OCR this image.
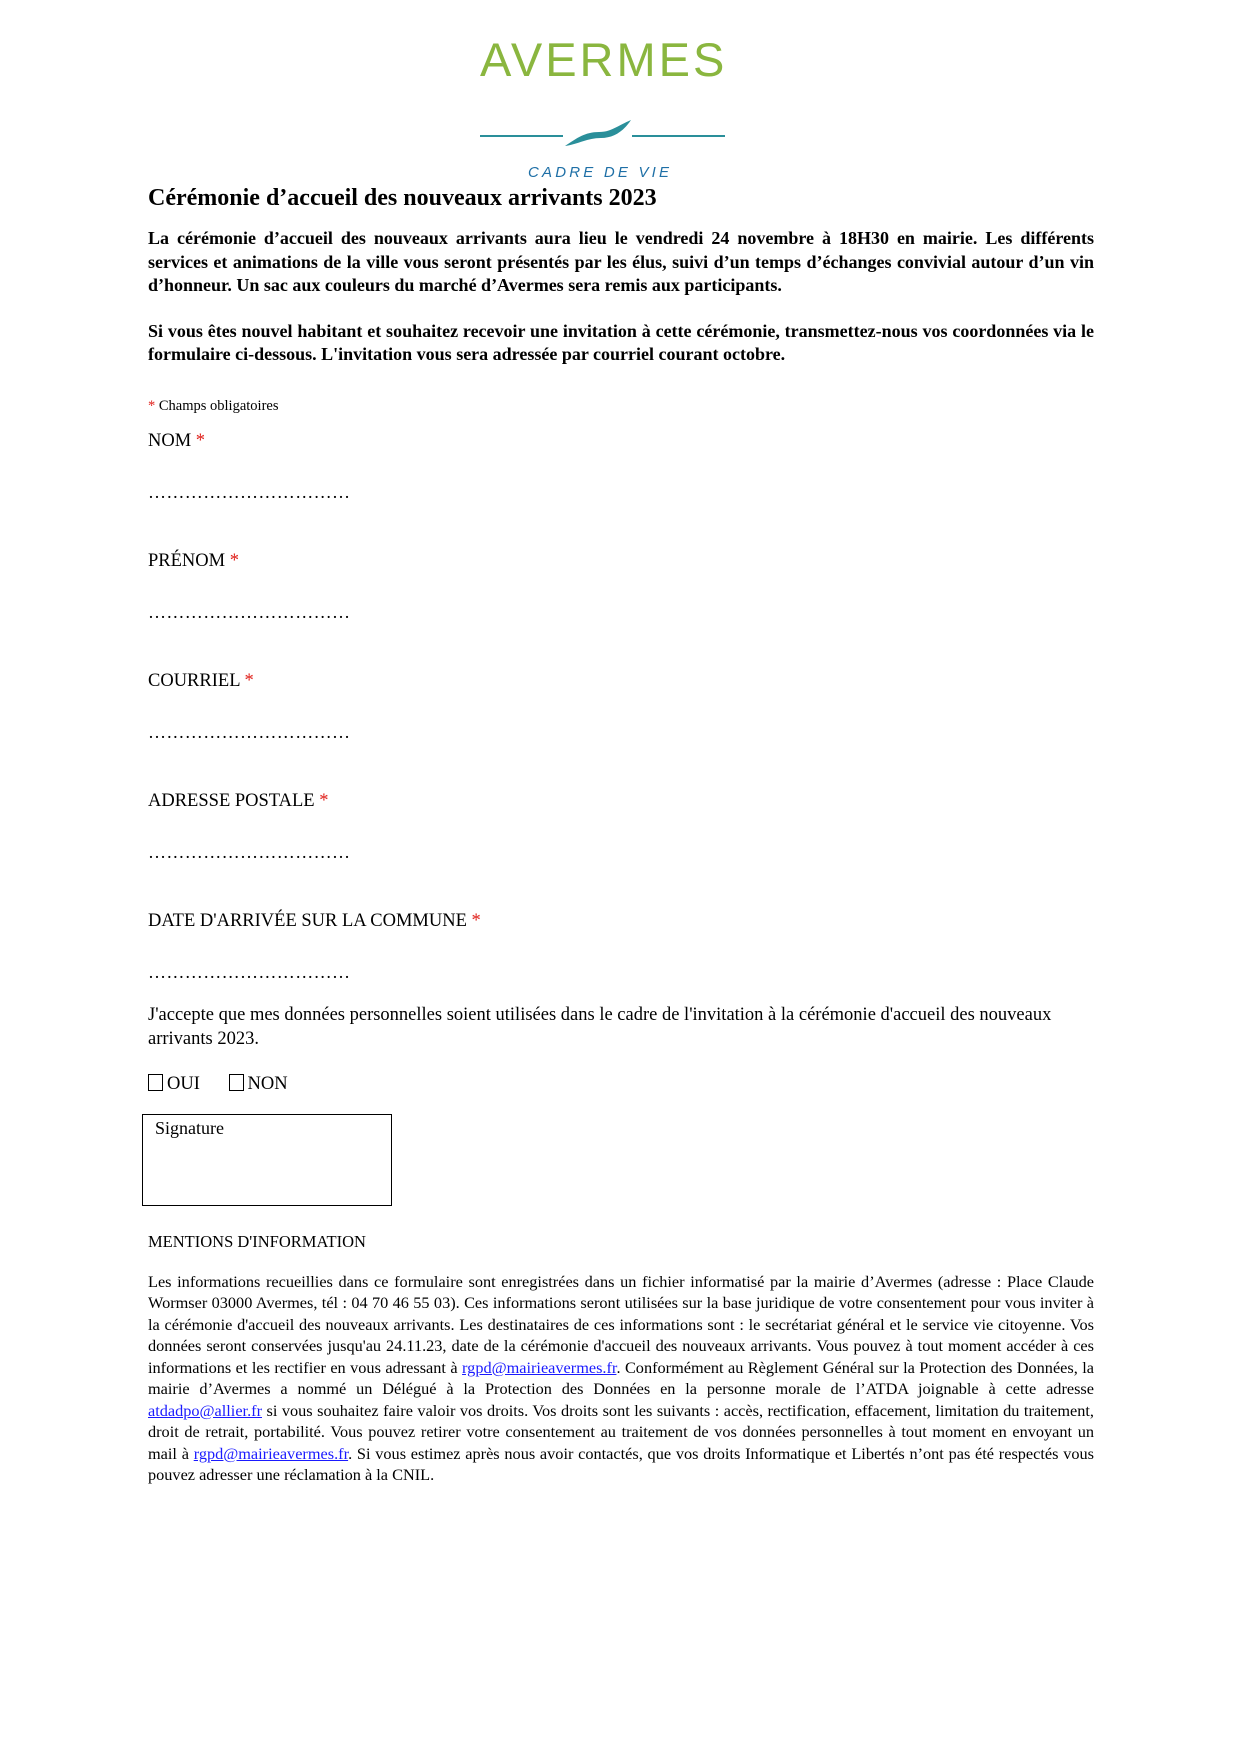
AVERMES
CADRE DE VIE
Cérémonie d’accueil des nouveaux arrivants 2023

La cérémonie d’accueil des nouveaux arrivants aura lieu le vendredi 24 novembre à 18H30 en mairie. Les différents services et animations de la ville vous seront présentés par les élus, suivi d’un temps d’échanges convivial autour d’un vin d’honneur. Un sac aux couleurs du marché d’Avermes sera remis aux participants.

Si vous êtes nouvel habitant et souhaitez recevoir une invitation à cette cérémonie, transmettez-nous vos coordonnées via le formulaire ci-dessous. L'invitation vous sera adressée par courriel courant octobre.

* Champs obligatoires
NOM *
……………………………
PRÉNOM *
……………………………
COURRIEL *
……………………………
ADRESSE POSTALE *
……………………………
DATE D'ARRIVÉE SUR LA COMMUNE *
……………………………
J'accepte que mes données personnelles soient utilisées dans le cadre de l'invitation à la cérémonie d'accueil des nouveaux arrivants 2023.
OUI	NON
Signature
MENTIONS D'INFORMATION
Les informations recueillies dans ce formulaire sont enregistrées dans un fichier informatisé par la mairie d’Avermes (adresse : Place Claude Wormser 03000 Avermes, tél : 04 70 46 55 03). Ces informations seront utilisées sur la base juridique de votre consentement pour vous inviter à la cérémonie d'accueil des nouveaux arrivants. Les destinataires de ces informations sont : le secrétariat général et le service vie citoyenne. Vos données seront conservées jusqu'au 24.11.23, date de la cérémonie d'accueil des nouveaux arrivants. Vous pouvez à tout moment accéder à ces informations et les rectifier en vous adressant à rgpd@mairieavermes.fr. Conformément au Règlement Général sur la Protection des Données, la mairie d’Avermes a nommé un Délégué à la Protection des Données en la personne morale de l’ATDA joignable à cette adresse atdadpo@allier.fr si vous souhaitez faire valoir vos droits. Vos droits sont les suivants : accès, rectification, effacement, limitation du traitement, droit de retrait, portabilité. Vous pouvez retirer votre consentement au traitement de vos données personnelles à tout moment en envoyant un mail à rgpd@mairieavermes.fr. Si vous estimez après nous avoir contactés, que vos droits Informatique et Libertés n’ont pas été respectés vous pouvez adresser une réclamation à la CNIL.
